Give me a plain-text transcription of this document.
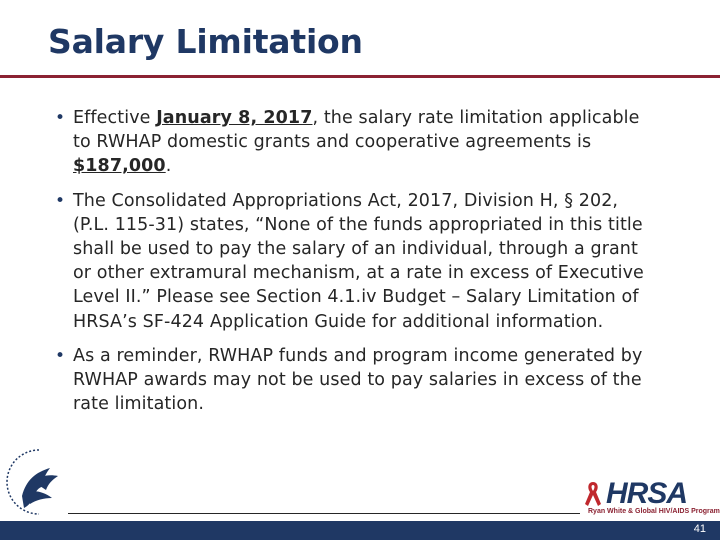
Salary Limitation
• Effective January 8, 2017, the salary rate limitation applicable to RWHAP domestic grants and cooperative agreements is $187,000.
• The Consolidated Appropriations Act, 2017, Division H, § 202, (P.L. 115-31) states, “None of the funds appropriated in this title shall be used to pay the salary of an individual, through a grant or other extramural mechanism, at a rate in excess of Executive Level II.” Please see Section 4.1.iv Budget – Salary Limitation of HRSA’s SF-424 Application Guide for additional information.
• As a reminder, RWHAP funds and program income generated by RWHAP awards may not be used to pay salaries in excess of the rate limitation.
HRSA
Ryan White & Global HIV/AIDS Program
41
